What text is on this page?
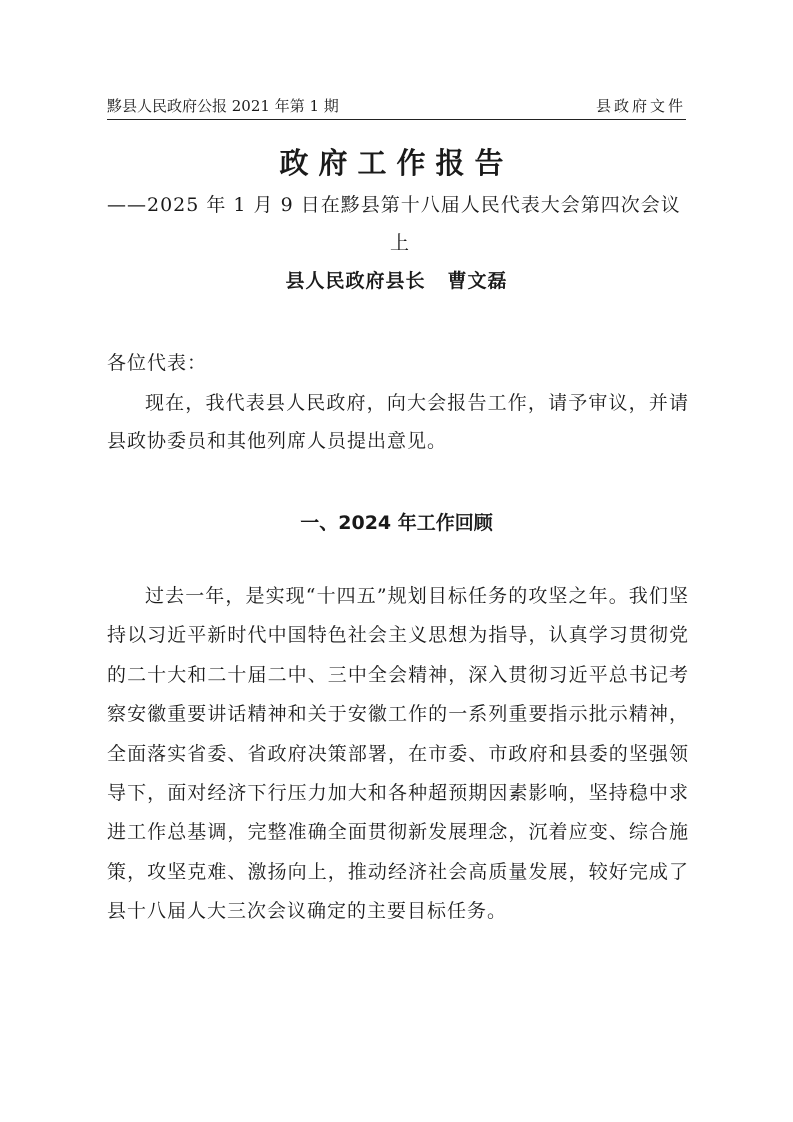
黟县人民政府公报 2021 年第 1 期	县政府文件
政府工作报告
——2025 年 1 月 9 日在黟县第十八届人民代表大会第四次会议
上
县人民政府县长 曹文磊
各位代表：
现在，我代表县人民政府，向大会报告工作，请予审议，并请县政协委员和其他列席人员提出意见。
一、2024 年工作回顾
过去一年，是实现“十四五”规划目标任务的攻坚之年。我们坚持以习近平新时代中国特色社会主义思想为指导，认真学习贯彻党的二十大和二十届二中、三中全会精神，深入贯彻习近平总书记考察安徽重要讲话精神和关于安徽工作的一系列重要指示批示精神，全面落实省委、省政府决策部署，在市委、市政府和县委的坚强领导下，面对经济下行压力加大和各种超预期因素影响，坚持稳中求进工作总基调，完整准确全面贯彻新发展理念，沉着应变、综合施策，攻坚克难、激扬向上，推动经济社会高质量发展，较好完成了县十八届人大三次会议确定的主要目标任务。
